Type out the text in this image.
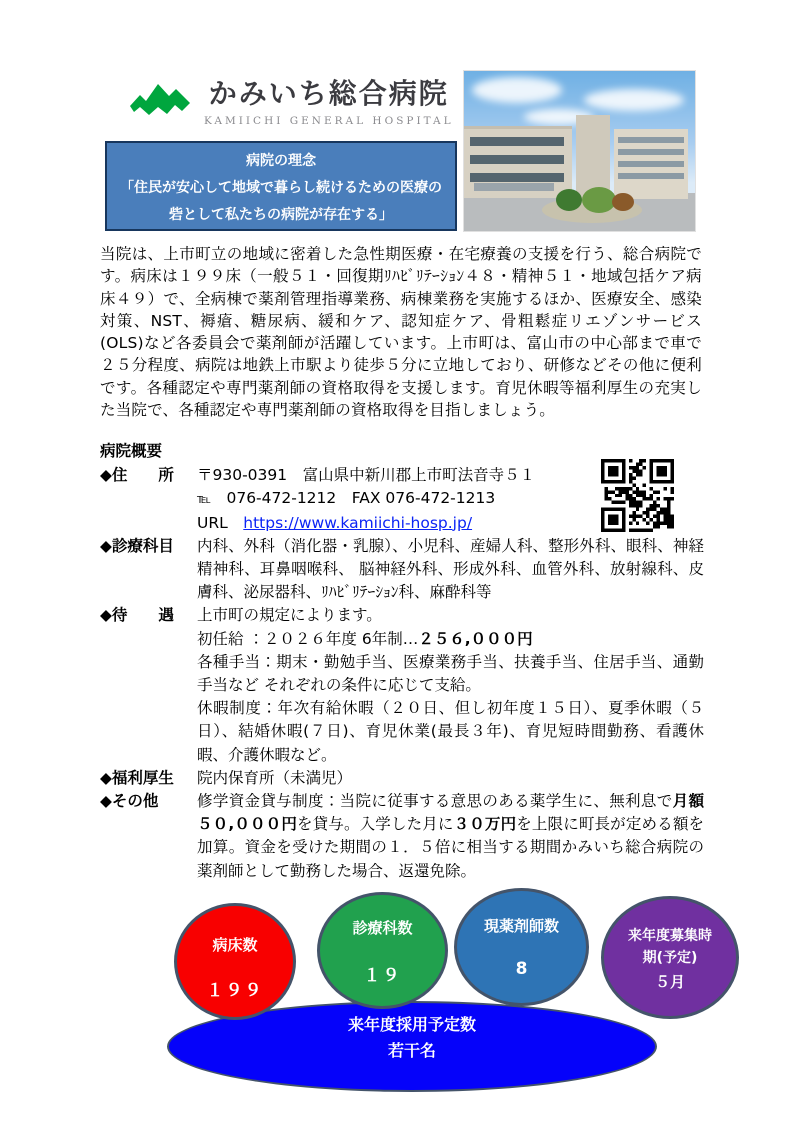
かみいち総合病院
KAMIICHI GENERAL HOSPITAL
病院の理念
「住民が安心して地域で暮らし続けるための医療の
砦として私たちの病院が存在する」
当院は、上市町立の地域に密着した急性期医療・在宅療養の支援を行う、総合病院です。病床は１９９床（一般５１・回復期ﾘﾊﾋﾞﾘﾃｰｼｮﾝ４８・精神５１・地域包括ケア病床４９）で、全病棟で薬剤管理指導業務、病棟業務を実施するほか、医療安全、感染対策、NST、褥瘡、糖尿病、緩和ケア、認知症ケア、骨粗鬆症リエゾンサービス(OLS)など各委員会で薬剤師が活躍しています。上市町は、富山市の中心部まで車で２５分程度、病院は地鉄上市駅より徒歩５分に立地しており、研修などその他に便利です。各種認定や専門薬剤師の資格取得を支援します。育児休暇等福利厚生の充実した当院で、各種認定や専門薬剤師の資格取得を目指しましょう。
病院概要
◆住　　所	〒930-0391　富山県中新川郡上市町法音寺５１
℡　076-472-1212　FAX 076-472-1213
URL　 https://www.kamiichi-hosp.jp/
◆診療科目	内科、外科（消化器・乳腺）、小児科、産婦人科、整形外科、眼科、神経精神科、耳鼻咽喉科、 脳神経外科、形成外科、血管外科、放射線科、皮膚科、泌尿器科、ﾘﾊﾋﾞﾘﾃｰｼｮﾝ科、麻酔科等
◆待　　遇	上市町の規定によります。
初任給 ：２０２６年度 6年制…２５６,０００円
各種手当：期末・勤勉手当、医療業務手当、扶養手当、住居手当、通勤手当など それぞれの条件に応じて支給。
休暇制度：年次有給休暇（２０日、但し初年度１５日）、夏季休暇（５日）、結婚休暇(７日)、育児休業(最長３年)、育児短時間勤務、看護休暇、介護休暇など。
◆福利厚生	院内保育所（未満児）
◆その他	修学資金貸与制度：当院に従事する意思のある薬学生に、無利息で月額５０,０００円を貸与。入学した月に３０万円を上限に町長が定める額を加算。資金を受けた期間の１．５倍に相当する期間かみいち総合病院の薬剤師として勤務した場合、返還免除。
来年度採用予定数
若干名
病床数
１９９
診療科数
１９
現薬剤師数
8
来年度募集時
期(予定)
５月
